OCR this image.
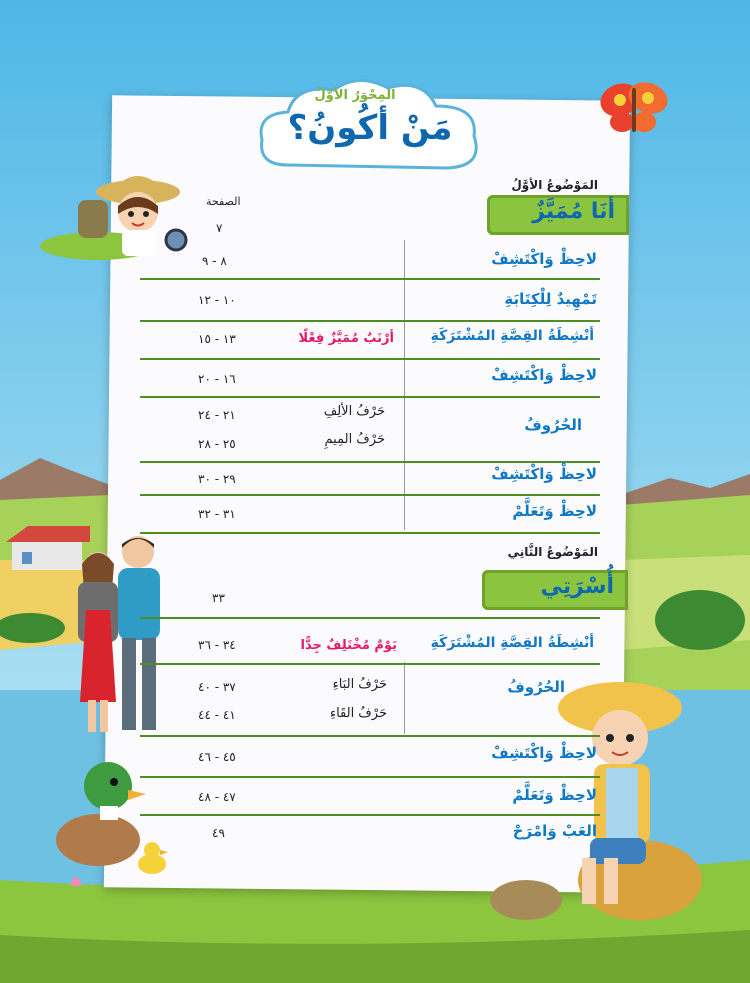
المِحْوَرُ الأوَّلُ
مَنْ أكُونُ؟
المَوْضُوعُ الأوَّلُ
أنَا مُمَيَّزٌ
المَوْضُوعُ الثَّانِي
أُسْرَتِي
الصفحة
٧
٣٣
لاحِظْ وَاكْتَشِفْ
تَمْهِيدٌ لِلْكِتَابَةِ
أنْشِطَةُ القِصَّةِ المُشْتَرَكَةِ
لاحِظْ وَاكْتَشِفْ
الحُرُوفُ
لاحِظْ وَاكْتَشِفْ
لاحِظْ وَتَعَلَّمْ
أنْشِطَةُ القِصَّةِ المُشْتَرَكَةِ
الحُرُوفُ
لاحِظْ وَاكْتَشِفْ
لاحِظْ وَتَعَلَّمْ
العَبْ وَامْرَحْ
أرْنَبٌ مُمَيَّزٌ فِعْلًا
حَرْفُ الألِفِ
حَرْفُ المِيمِ
يَوْمٌ مُخْتَلِفٌ جِدًّا
حَرْفُ البَاءِ
حَرْفُ القَاءِ
٨ - ٩
١٠ - ١٢
١٣ - ١٥
١٦ - ٢٠
٢١ - ٢٤
٢٥ - ٢٨
٢٩ - ٣٠
٣١ - ٣٢
٣٤ - ٣٦
٣٧ - ٤٠
٤١ - ٤٤
٤٥ - ٤٦
٤٧ - ٤٨
٤٩
